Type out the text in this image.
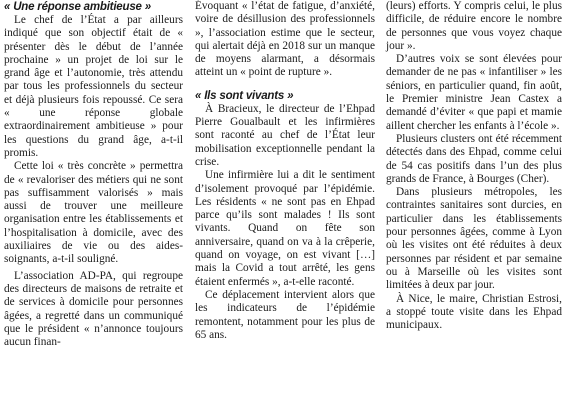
« Une réponse ambitieuse »

Le chef de l’État a par ailleurs indiqué que son objectif était de « présenter dès le début de l’année prochaine » un projet de loi sur le grand âge et l’autonomie, très attendu par tous les professionnels du secteur et déjà plusieurs fois repoussé. Ce sera « une réponse globale extraordinairement ambitieuse » pour les questions du grand âge, a-t-il promis.

Cette loi « très concrète » permettra de « revaloriser des métiers qui ne sont pas suffisamment valorisés » mais aussi de trouver une meilleure organisation entre les établissements et l’hospitalisation à domicile, avec des auxiliaires de vie ou des aides-soignants, a-t-il souligné.

L’association AD-PA, qui regroupe des directeurs de maisons de retraite et de services à domicile pour personnes âgées, a regretté dans un communiqué que le président « n’annonce toujours aucun finan-

Évoquant « l’état de fatigue, d’anxiété, voire de désillusion des professionnels », l’association estime que le secteur, qui alertait déjà en 2018 sur un manque de moyens alarmant, a désormais atteint un « point de rupture ».

« Ils sont vivants »

À Bracieux, le directeur de l’Ehpad Pierre Goualbault et les infirmières sont raconté au chef de l’État leur mobilisation exceptionnelle pendant la crise.

Une infirmière lui a dit le sentiment d’isolement provoqué par l’épidémie. Les résidents « ne sont pas en Ehpad parce qu’ils sont malades ! Ils sont vivants. Quand on fête son anniversaire, quand on va à la crêperie, quand on voyage, on est vivant […] mais la Covid a tout arrêté, les gens étaient enfermés », a-t-elle raconté.

Ce déplacement intervient alors que les indicateurs de l’épidémie remontent, notamment pour les plus de 65 ans.

(leurs) efforts. Y compris celui, le plus difficile, de réduire encore le nombre de personnes que vous voyez chaque jour ».

D’autres voix se sont élevées pour demander de ne pas « infantiliser » les séniors, en particulier quand, fin août, le Premier ministre Jean Castex a demandé d’éviter « que papi et mamie aillent chercher les enfants à l’école ».

Plusieurs clusters ont été récemment détectés dans des Ehpad, comme celui de 54 cas positifs dans l’un des plus grands de France, à Bourges (Cher).

Dans plusieurs métropoles, les contraintes sanitaires sont durcies, en particulier dans les établissements pour personnes âgées, comme à Lyon où les visites ont été réduites à deux personnes par résident et par semaine ou à Marseille où les visites sont limitées à deux par jour.

À Nice, le maire, Christian Estrosi, a stoppé toute visite dans les Ehpad municipaux.
